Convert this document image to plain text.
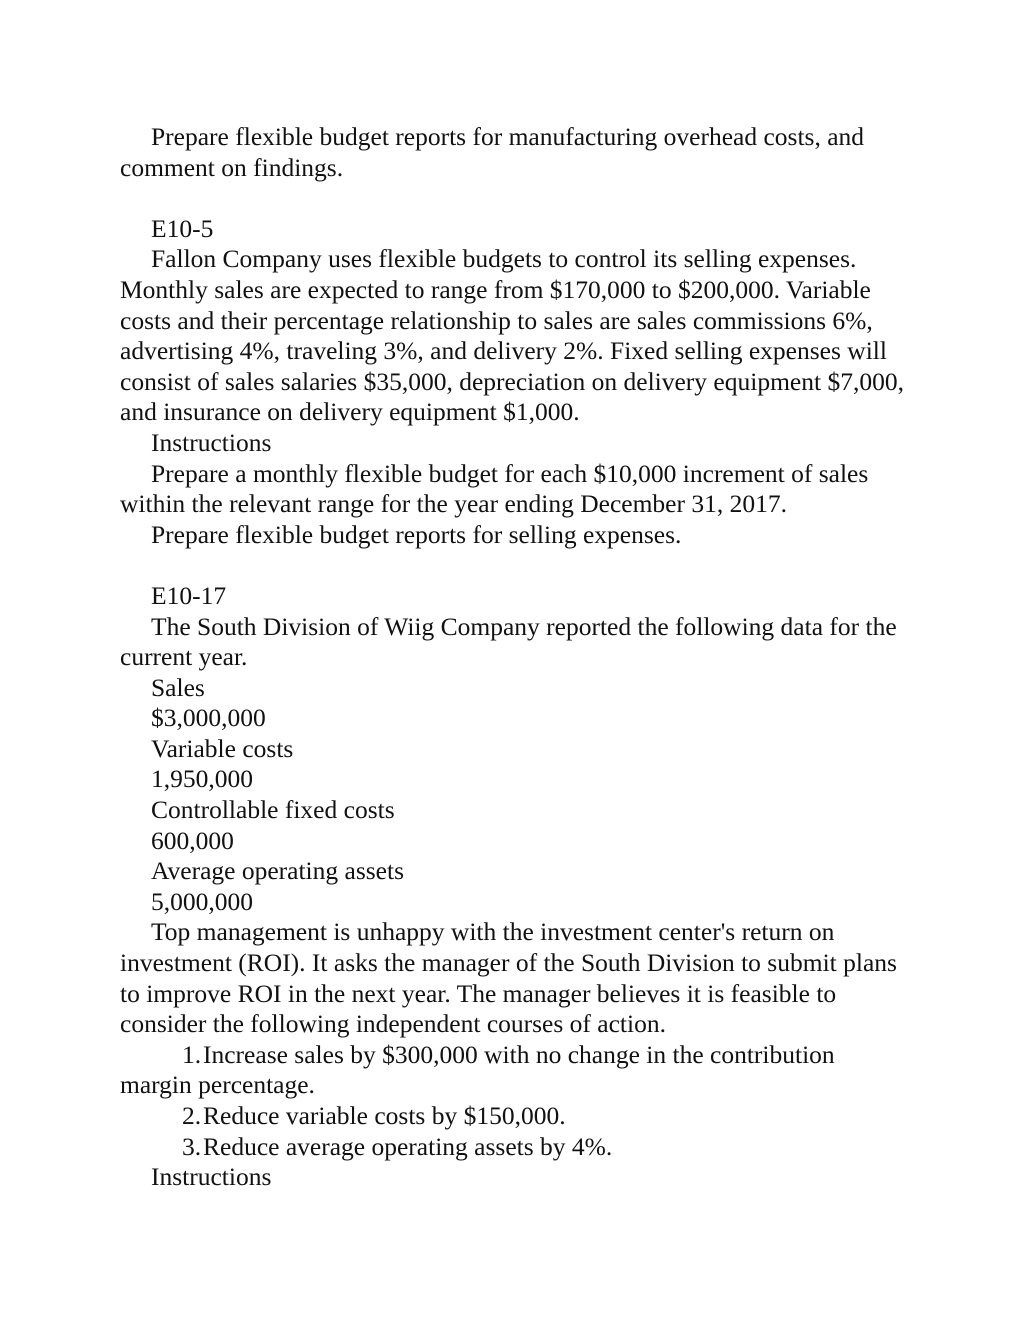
Prepare flexible budget reports for manufacturing overhead costs, and comment on findings.

E10-5

Fallon Company uses flexible budgets to control its selling expenses. Monthly sales are expected to range from $170,000 to $200,000. Variable costs and their percentage relationship to sales are sales commissions 6%, advertising 4%, traveling 3%, and delivery 2%. Fixed selling expenses will consist of sales salaries $35,000, depreciation on delivery equipment $7,000, and insurance on delivery equipment $1,000.

Instructions

Prepare a monthly flexible budget for each $10,000 increment of sales within the relevant range for the year ending December 31, 2017.

Prepare flexible budget reports for selling expenses.

E10-17

The South Division of Wiig Company reported the following data for the current year.

Sales

$3,000,000

Variable costs

1,950,000

Controllable fixed costs

600,000

Average operating assets

5,000,000

Top management is unhappy with the investment center's return on investment (ROI). It asks the manager of the South Division to submit plans to improve ROI in the next year. The manager believes it is feasible to consider the following independent courses of action.

1.Increase sales by $300,000 with no change in the contribution margin percentage.

2.Reduce variable costs by $150,000.

3.Reduce average operating assets by 4%.

Instructions
